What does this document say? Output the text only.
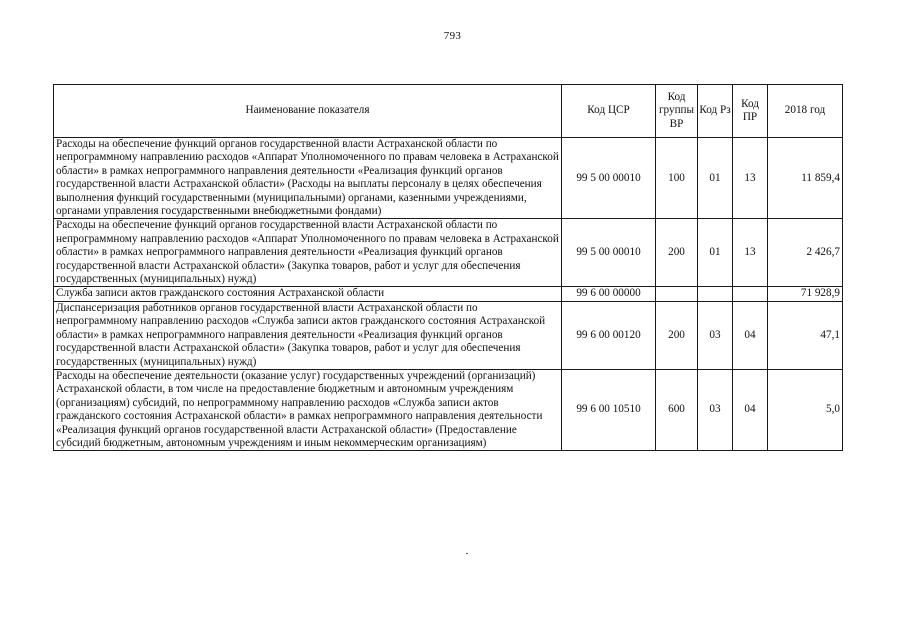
793
Наименование показателя	Код ЦСР	Код группы ВР	Код Рз	Код ПР	2018 год
Расходы на обеспечение функций органов государственной власти Астраханской области по непрограммному направлению расходов «Аппарат Уполномоченного по правам человека в Астраханской области» в рамках непрограммного направления деятельности «Реализация функций органов государственной власти Астраханской области» (Расходы на выплаты персоналу в целях обеспечения выполнения функций государственными (муниципальными) органами, казенными учреждениями, органами управления государственными внебюджетными фондами)	99 5 00 00010	100	01	13	11 859,4
Расходы на обеспечение функций органов государственной власти Астраханской области по непрограммному направлению расходов «Аппарат Уполномоченного по правам человека в Астраханской области» в рамках непрограммного направления деятельности «Реализация функций органов государственной власти Астраханской области» (Закупка товаров, работ и услуг для обеспечения государственных (муниципальных) нужд)	99 5 00 00010	200	01	13	2 426,7
Служба записи актов гражданского состояния Астраханской области	99 6 00 00000				71 928,9
Диспансеризация работников органов государственной власти Астраханской области по непрограммному направлению расходов «Служба записи актов гражданского состояния Астраханской области» в рамках непрограммного направления деятельности «Реализация функций органов государственной власти Астраханской области» (Закупка товаров, работ и услуг для обеспечения государственных (муниципальных) нужд)	99 6 00 00120	200	03	04	47,1
Расходы на обеспечение деятельности (оказание услуг) государственных учреждений (организаций) Астраханской области, в том числе на предоставление бюджетным и автономным учреждениям (организациям) субсидий, по непрограммному направлению расходов «Служба записи актов гражданского состояния Астраханской области» в рамках непрограммного направления деятельности «Реализация функций органов государственной власти Астраханской области» (Предоставление субсидий бюджетным, автономным учреждениям и иным некоммерческим организациям)	99 6 00 10510	600	03	04	5,0
